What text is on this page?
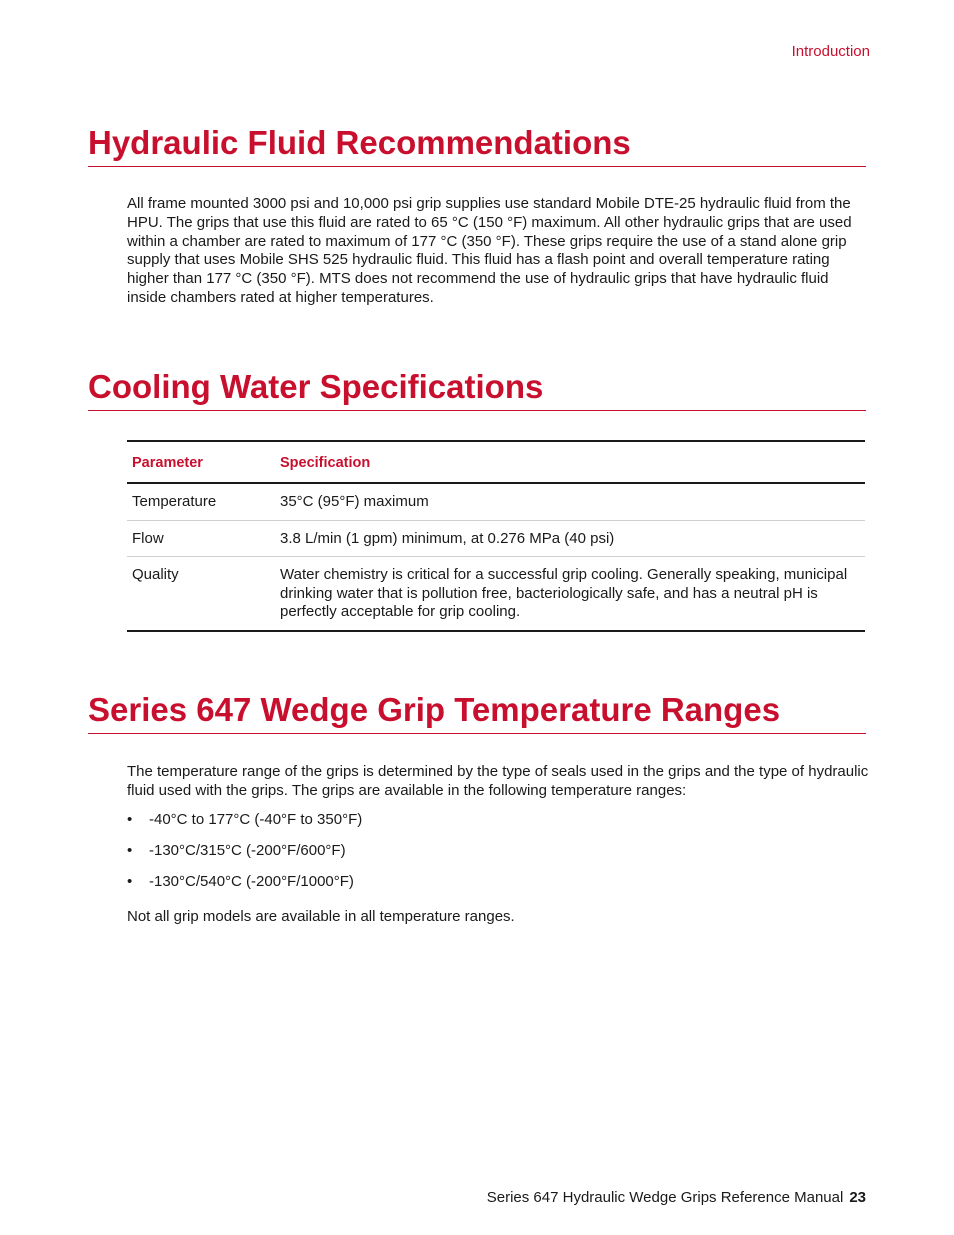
Introduction
Hydraulic Fluid Recommendations

All frame mounted 3000 psi and 10,000 psi grip supplies use standard Mobile DTE-25 hydraulic fluid from the HPU. The grips that use this fluid are rated to 65 °C (150 °F) maximum. All other hydraulic grips that are used within a chamber are rated to maximum of 177 °C (350 °F). These grips require the use of a stand alone grip supply that uses Mobile SHS 525 hydraulic fluid. This fluid has a flash point and overall temperature rating higher than 177 °C (350 °F). MTS does not recommend the use of hydraulic grips that have hydraulic fluid inside chambers rated at higher temperatures.

Cooling Water Specifications
Parameter	Specification
Temperature	35°C (95°F) maximum
Flow	3.8 L/min (1 gpm) minimum, at 0.276 MPa (40 psi)
Quality	Water chemistry is critical for a successful grip cooling. Generally speaking, municipal drinking water that is pollution free, bacteriologically safe, and has a neutral pH is perfectly acceptable for grip cooling.
Series 647 Wedge Grip Temperature Ranges

The temperature range of the grips is determined by the type of seals used in the grips and the type of hydraulic fluid used with the grips. The grips are available in the following temperature ranges:

• -40°C to 177°C (-40°F to 350°F)
• -130°C/315°C (-200°F/600°F)
• -130°C/540°C (-200°F/1000°F)

Not all grip models are available in all temperature ranges.

Series 647 Hydraulic Wedge Grips Reference Manual 23
